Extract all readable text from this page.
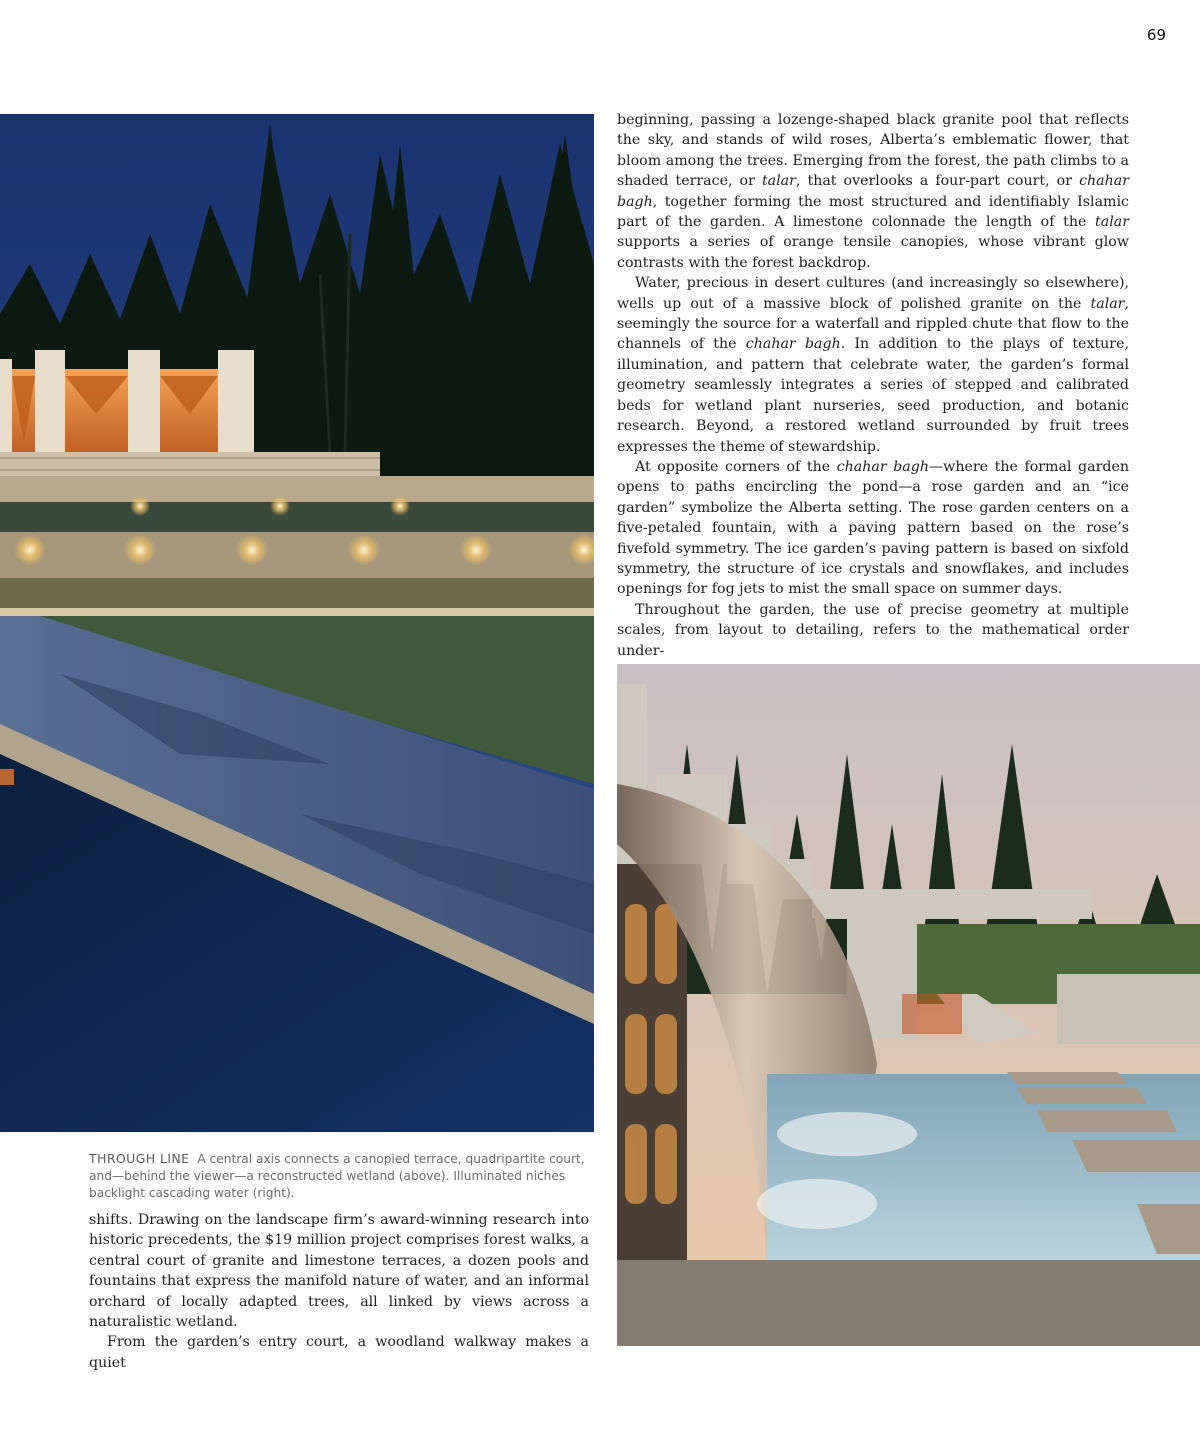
69
THROUGH LINE A central axis connects a canopied terrace, quadripartite court, and—behind the viewer—a reconstructed wetland (above). Illuminated niches backlight cascading water (right).

shifts. Drawing on the landscape firm’s award-winning research into historic precedents, the $19 million project comprises forest walks, a central court of granite and limestone terraces, a dozen pools and fountains that express the manifold nature of water, and an informal orchard of locally adapted trees, all linked by views across a naturalistic wetland.

From the garden’s entry court, a woodland walkway makes a quiet

beginning, passing a lozenge-shaped black granite pool that reflects the sky, and stands of wild roses, Alberta’s emblematic flower, that bloom among the trees. Emerging from the forest, the path climbs to a shaded terrace, or talar, that overlooks a four-part court, or chahar bagh, together forming the most structured and identifiably Islamic part of the garden. A limestone colonnade the length of the talar supports a series of orange tensile canopies, whose vibrant glow contrasts with the forest backdrop.

Water, precious in desert cultures (and increasingly so elsewhere), wells up out of a massive block of polished granite on the talar, seemingly the source for a waterfall and rippled chute that flow to the channels of the chahar bagh. In addition to the plays of texture, illumination, and pattern that celebrate water, the garden’s formal geometry seamlessly integrates a series of stepped and calibrated beds for wetland plant nurseries, seed production, and botanic research. Beyond, a restored wetland surrounded by fruit trees expresses the theme of stewardship.

At opposite corners of the chahar bagh—where the formal garden opens to paths encircling the pond—a rose garden and an “ice garden” symbolize the Alberta setting. The rose garden centers on a five-petaled fountain, with a paving pattern based on the rose’s fivefold symmetry. The ice garden’s paving pattern is based on sixfold symmetry, the structure of ice crystals and snowflakes, and includes openings for fog jets to mist the small space on summer days.

Throughout the garden, the use of precise geometry at multiple scales, from layout to detailing, refers to the mathematical order under-
